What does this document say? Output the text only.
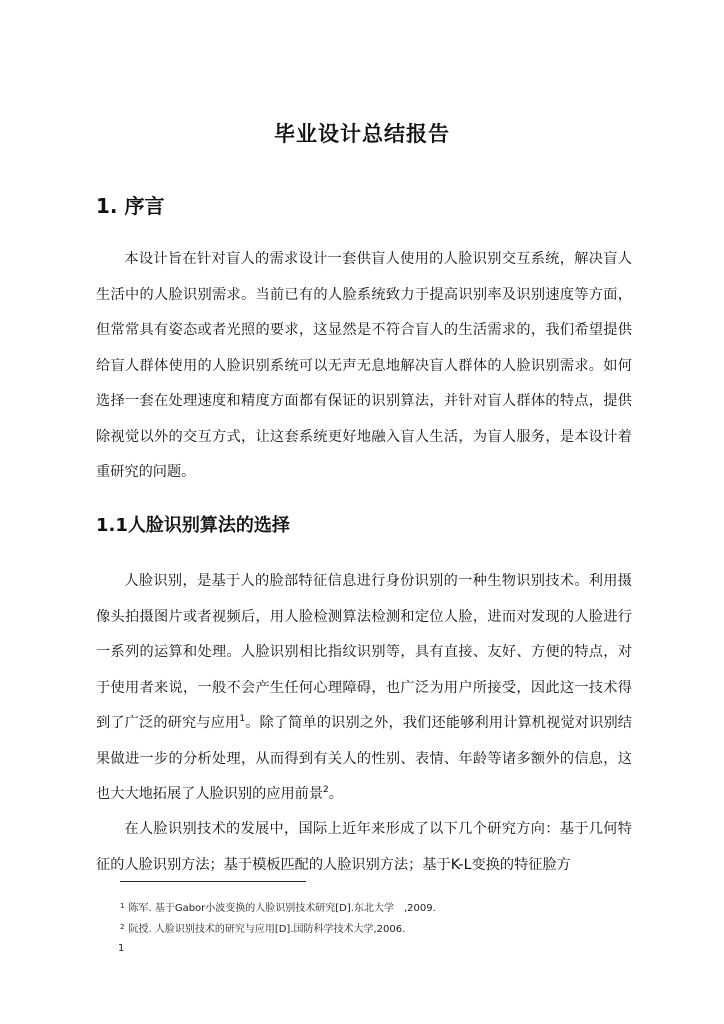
毕业设计总结报告
1. 序言

本设计旨在针对盲人的需求设计一套供盲人使用的人脸识别交互系统，解决盲人生活中的人脸识别需求。当前已有的人脸系统致力于提高识别率及识别速度等方面，但常常具有姿态或者光照的要求，这显然是不符合盲人的生活需求的，我们希望提供给盲人群体使用的人脸识别系统可以无声无息地解决盲人群体的人脸识别需求。如何选择一套在处理速度和精度方面都有保证的识别算法，并针对盲人群体的特点，提供除视觉以外的交互方式，让这套系统更好地融入盲人生活，为盲人服务，是本设计着重研究的问题。

1.1人脸识别算法的选择

人脸识别，是基于人的脸部特征信息进行身份识别的一种生物识别技术。利用摄像头拍摄图片或者视频后，用人脸检测算法检测和定位人脸，进而对发现的人脸进行一系列的运算和处理。人脸识别相比指纹识别等，具有直接、友好、方便的特点，对于使用者来说，一般不会产生任何心理障碍，也广泛为用户所接受，因此这一技术得到了广泛的研究与应用$^1$。除了简单的识别之外，我们还能够利用计算机视觉对识别结果做进一步的分析处理，从而得到有关人的性别、表情、年龄等诸多额外的信息，这也大大地拓展了人脸识别的应用前景$^2$。

在人脸识别技术的发展中，国际上近年来形成了以下几个研究方向：基于几何特征的人脸识别方法；基于模板匹配的人脸识别方法；基于K-L变换的特征脸方

$^1$ 陈军. 基于Gabor小波变换的人脸识别技术研究[D].东北大学　,2009.
$^2$ 阮授. 人脸识别技术的研究与应用[D].国防科学技术大学,2006.
1
